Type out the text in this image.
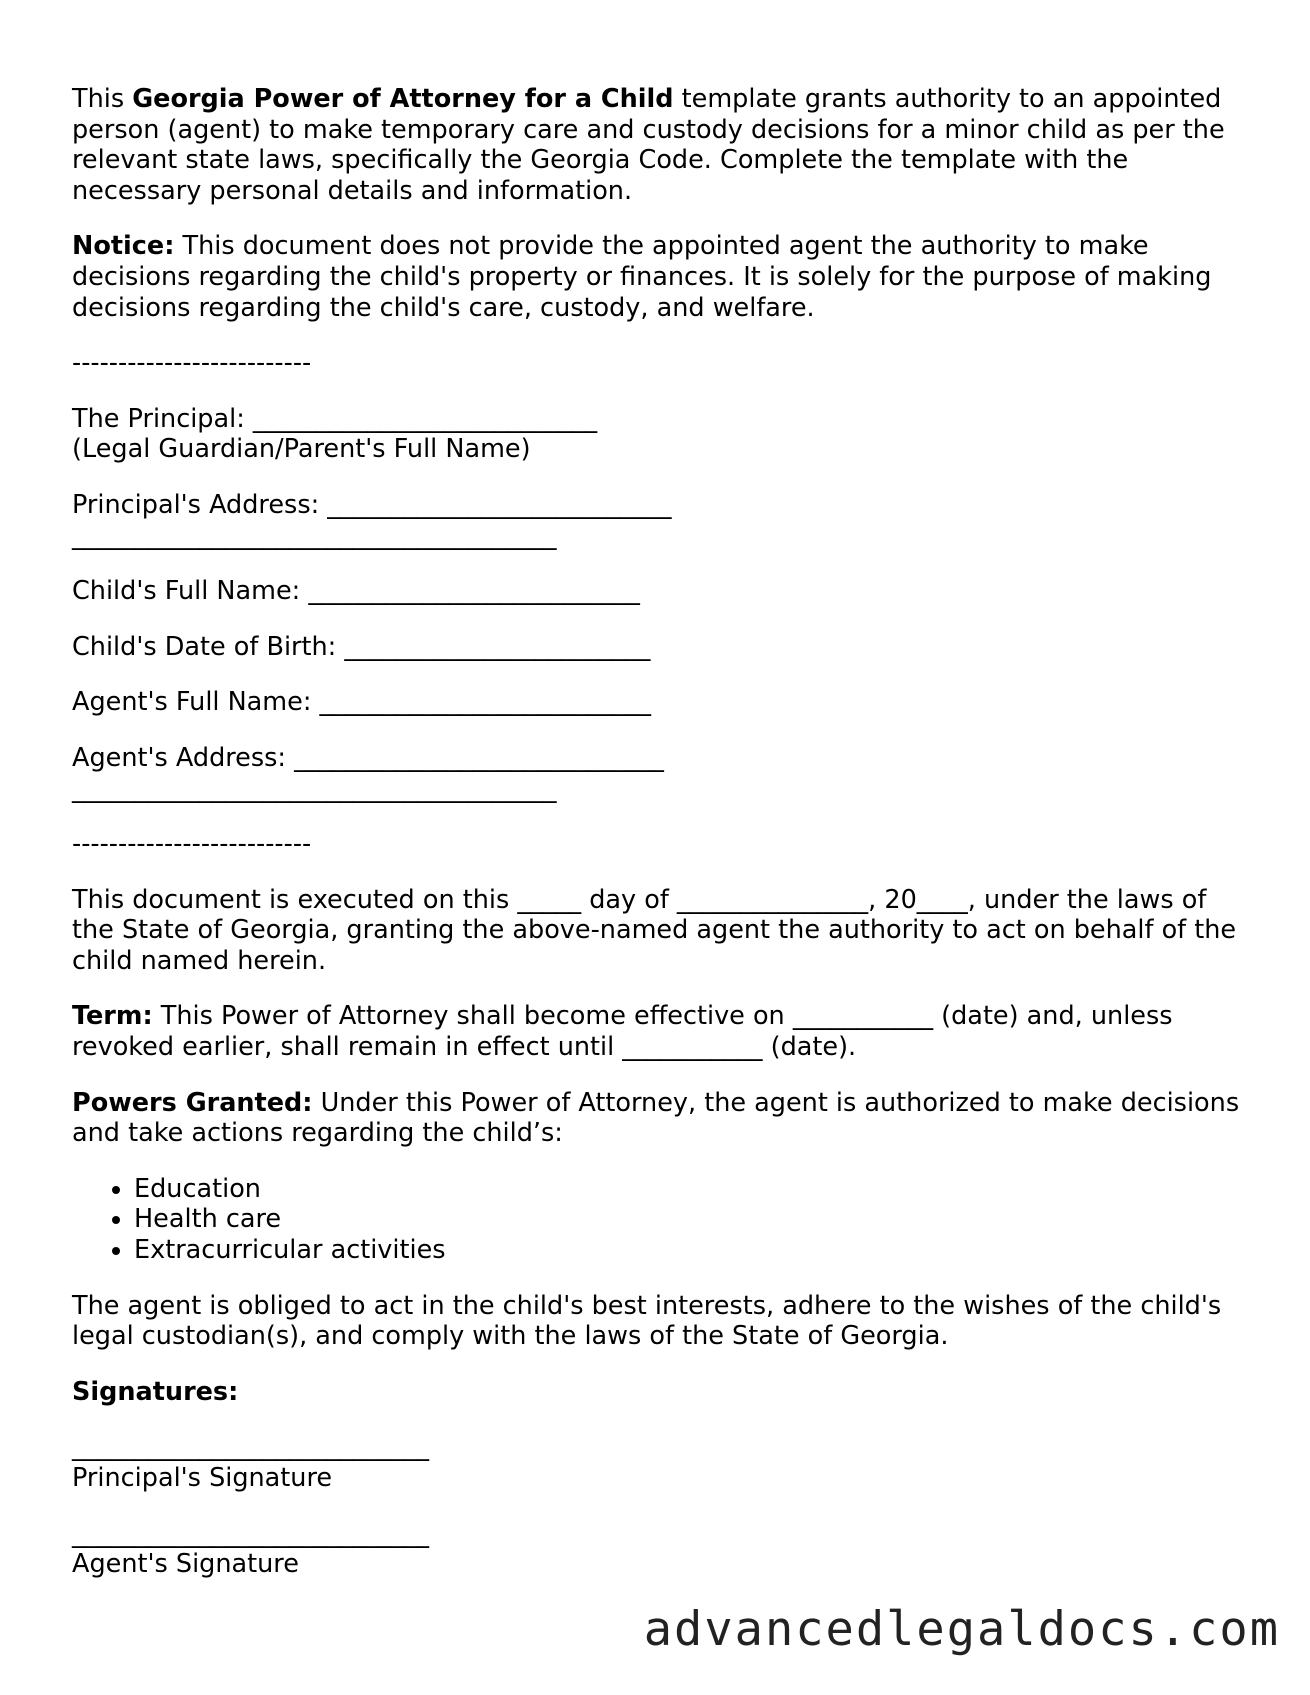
This Georgia Power of Attorney for a Child template grants authority to an appointed person (agent) to make temporary care and custody decisions for a minor child as per the relevant state laws, specifically the Georgia Code. Complete the template with the necessary personal details and information.

Notice: This document does not provide the appointed agent the authority to make decisions regarding the child's property or finances. It is solely for the purpose of making decisions regarding the child's care, custody, and welfare.

--------------------------

The Principal: ___________________________
(Legal Guardian/Parent's Full Name)

Principal's Address: ___________________________
______________________________________

Child's Full Name: __________________________

Child's Date of Birth: ________________________

Agent's Full Name: __________________________

Agent's Address: _____________________________
______________________________________

--------------------------

This document is executed on this _____ day of _______________, 20____, under the laws of the State of Georgia, granting the above-named agent the authority to act on behalf of the child named herein.

Term: This Power of Attorney shall become effective on ___________ (date) and, unless revoked earlier, shall remain in effect until ___________ (date).

Powers Granted: Under this Power of Attorney, the agent is authorized to make decisions and take actions regarding the child’s:

• Education
• Health care
• Extracurricular activities

The agent is obliged to act in the child's best interests, adhere to the wishes of the child's legal custodian(s), and comply with the laws of the State of Georgia.

Signatures:

____________________________
Principal's Signature
____________________________
Agent's Signature
advancedlegaldocs.com
